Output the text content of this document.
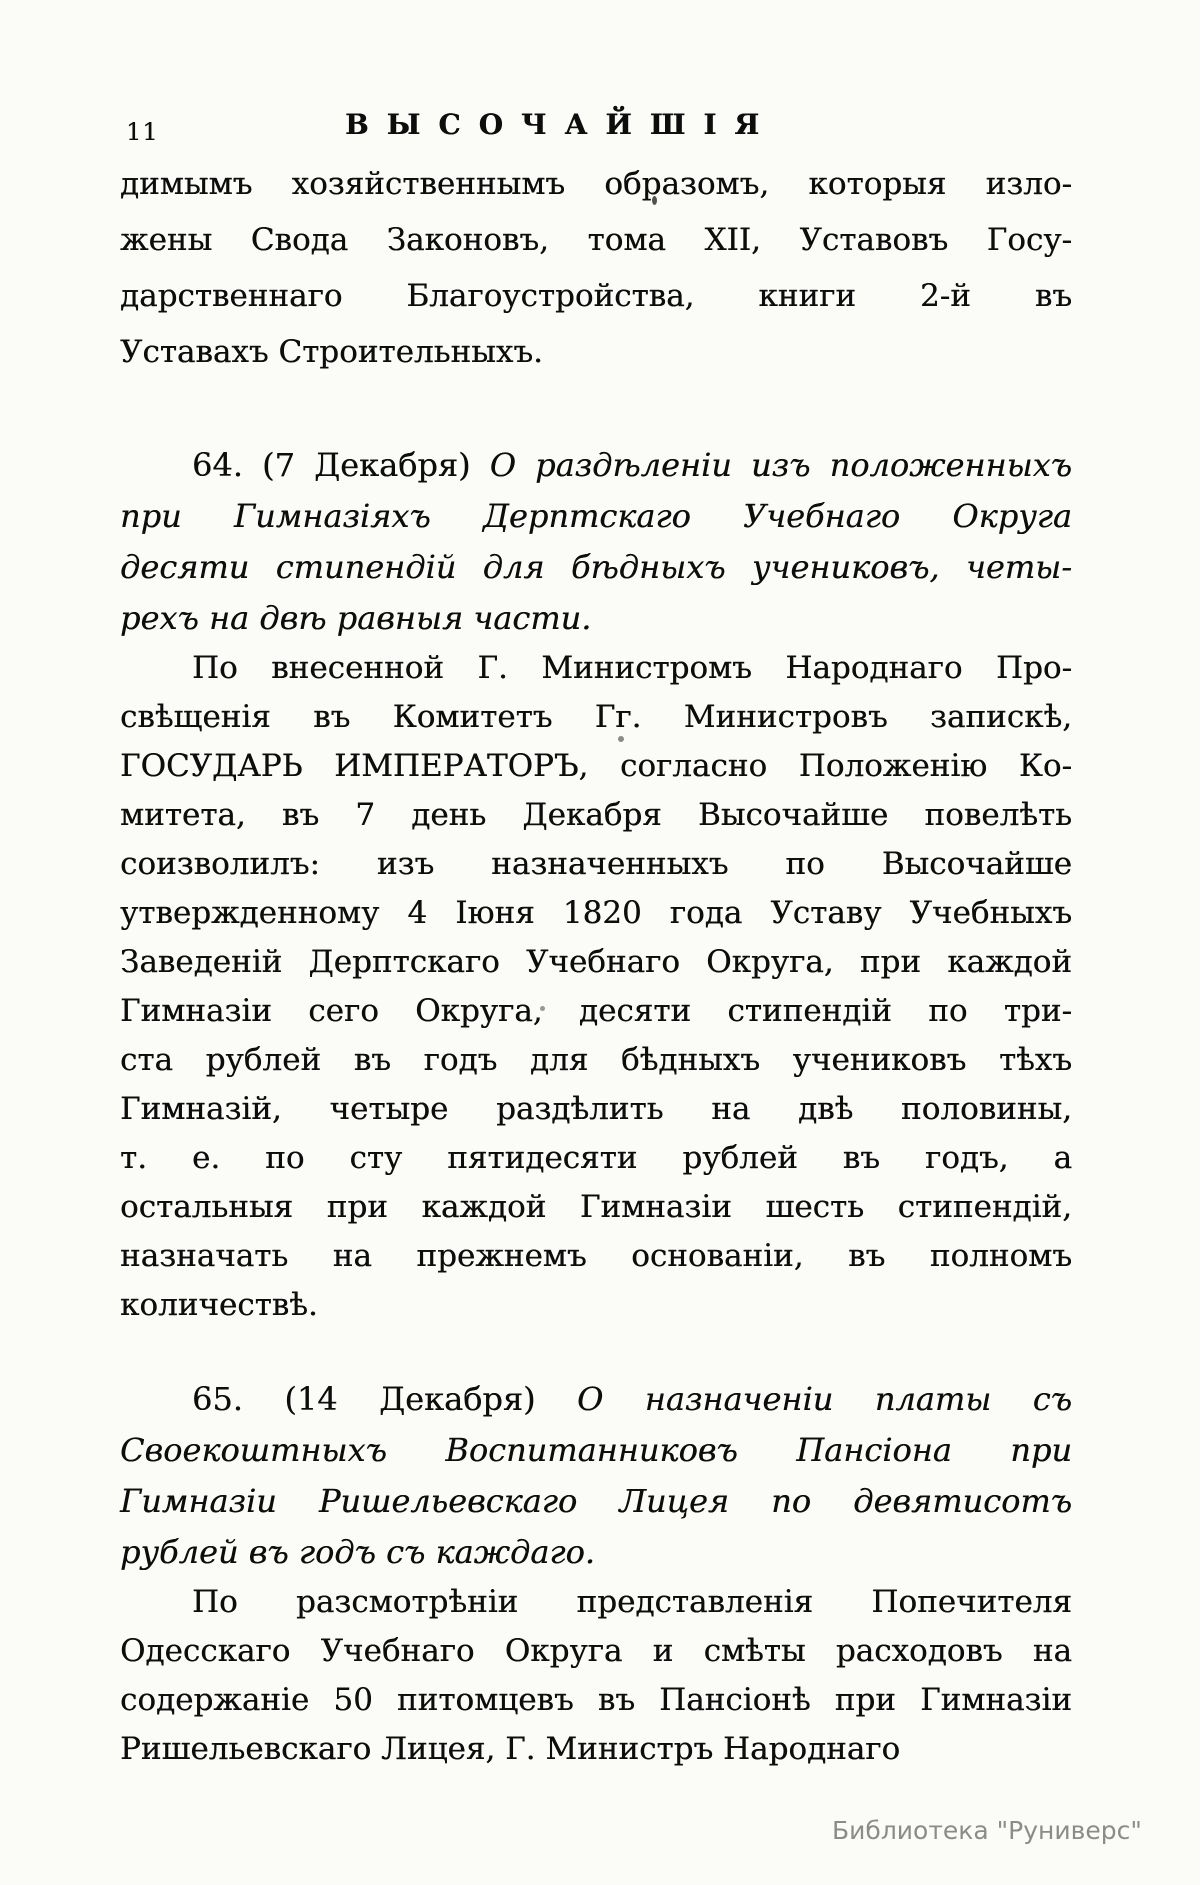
11	ВЫСОЧАЙШІЯ
димымъ хозяйственнымъ образомъ, которыя изло-
жены Свода Законовъ, тома XII, Уставовъ Госу-
дарственнаго Благоустройства, книги 2-й въ
Уставахъ Строительныхъ.
64. (7 Декабря) О раздѣленіи изъ положенныхъ
при Гимназіяхъ Дерптскаго Учебнаго Округа
десяти стипендій для бѣдныхъ учениковъ, четы-
рехъ на двѣ равныя части.
По внесенной Г. Министромъ Народнаго Про-
свѣщенія въ Комитетъ Гг. Министровъ запискѣ,
ГОСУДАРЬ ИМПЕРАТОРЪ, согласно Положенію Ко-
митета, въ 7 день Декабря Высочайше повелѣть
соизволилъ: изъ назначенныхъ по Высочайше
утвержденному 4 Іюня 1820 года Уставу Учебныхъ
Заведеній Дерптскаго Учебнаго Округа, при каждой
Гимназіи сего Округа, десяти стипендій по три-
ста рублей въ годъ для бѣдныхъ учениковъ тѣхъ
Гимназій, четыре раздѣлить на двѣ половины,
т. е. по сту пятидесяти рублей въ годъ, а
остальныя при каждой Гимназіи шесть стипендій,
назначать на прежнемъ основаніи, въ полномъ
количествѣ.
65. (14 Декабря) О назначеніи платы съ
Своекоштныхъ Воспитанниковъ Пансіона при
Гимназіи Ришельевскаго Лицея по девятисотъ
рублей въ годъ съ каждаго.
По разсмотрѣніи представленія Попечителя
Одесскаго Учебнаго Округа и смѣты расходовъ на
содержаніе 50 питомцевъ въ Пансіонѣ при Гимназіи
Ришельевскаго Лицея, Г. Министръ Народнаго
Библиотека "Руниверс"
